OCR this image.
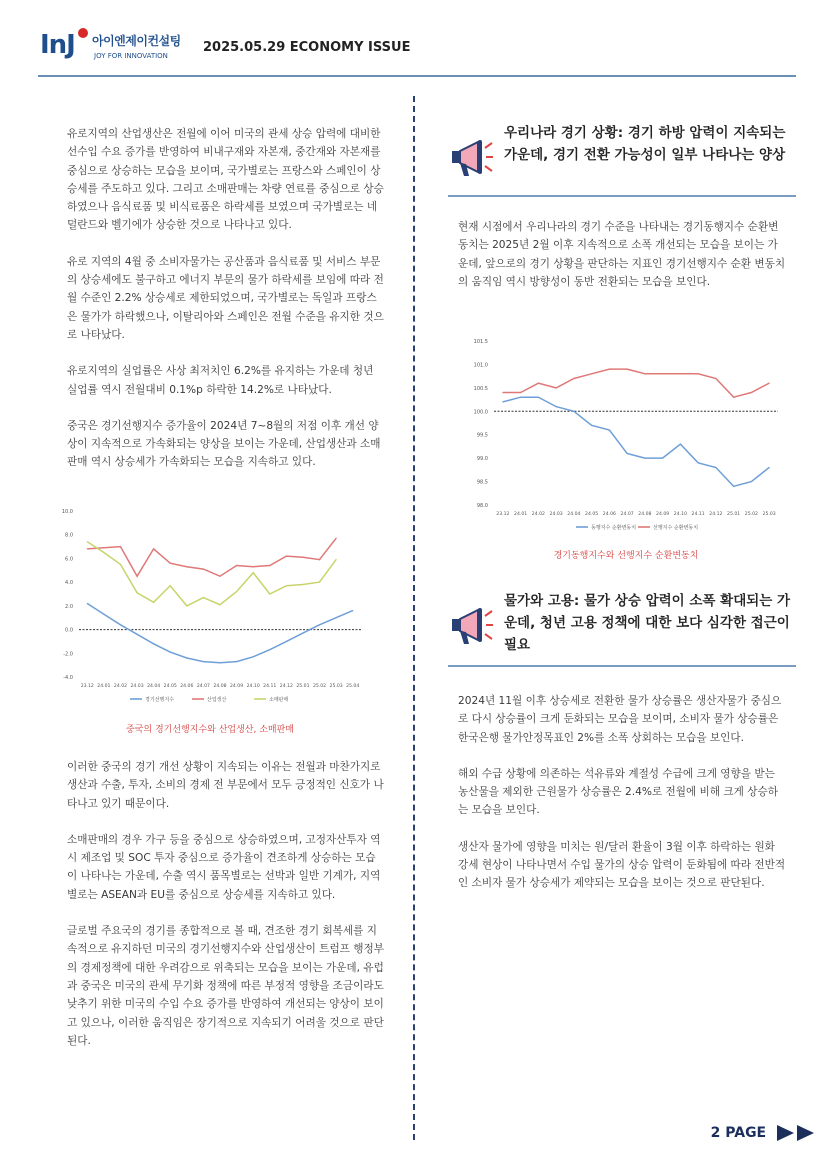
InJ 아이엔제이컨설팅
JOY FOR INNOVATION
2025.05.29 ECONOMY ISSUE

유로지역의 산업생산은 전월에 이어 미국의 관세 상승 압력에 대비한 선수입 수요 증가를 반영하여 비내구재와 자본재, 중간재와 자본재를 중심으로 상승하는 모습을 보이며, 국가별로는 프랑스와 스페인이 상승세를 주도하고 있다. 그리고 소매판매는 차량 연료를 중심으로 상승하였으나 음식료품 및 비식료품은 하락세를 보였으며 국가별로는 네덜란드와 벨기에가 상승한 것으로 나타나고 있다.

유로 지역의 4월 중 소비자물가는 공산품과 음식료품 및 서비스 부문의 상승세에도 불구하고 에너지 부문의 물가 하락세를 보임에 따라 전월 수준인 2.2% 상승세로 제한되었으며, 국가별로는 독일과 프랑스은 물가가 하락했으나, 이탈리아와 스페인은 전월 수준을 유지한 것으로 나타났다.

유로지역의 실업률은 사상 최저치인 6.2%를 유지하는 가운데 청년 실업률 역시 전월대비 0.1%p 하락한 14.2%로 나타났다.

중국은 경기선행지수 증가율이 2024년 7~8월의 저점 이후 개선 양상이 지속적으로 가속화되는 양상을 보이는 가운데, 산업생산과 소매판매 역시 상승세가 가속화되는 모습을 지속하고 있다.

-4.0
-2.0
0.0
2.0
4.0
6.0
8.0
10.0
23.12 24.01 24.02 24.03 24.04 24.05 24.06 24.07 24.08 24.09 24.10 24.11 24.12 25.01 25.02 25.03 25.04
경기선행지수	산업생산	소매판매
중국의 경기선행지수와 산업생산, 소매판매

이러한 중국의 경기 개선 상황이 지속되는 이유는 전월과 마찬가지로 생산과 수출, 투자, 소비의 경제 전 부문에서 모두 긍정적인 신호가 나타나고 있기 때문이다.

소매판매의 경우 가구 등을 중심으로 상승하였으며, 고정자산투자 역시 제조업 및 SOC 투자 중심으로 증가율이 견조하게 상승하는 모습이 나타나는 가운데, 수출 역시 품목별로는 선박과 일반 기계가, 지역 별로는 ASEAN과 EU를 중심으로 상승세를 지속하고 있다.

글로벌 주요국의 경기를 종합적으로 볼 때, 견조한 경기 회복세를 지속적으로 유지하던 미국의 경기선행지수와 산업생산이 트럼프 행정부의 경제정책에 대한 우려감으로 위축되는 모습을 보이는 가운데, 유럽과 중국은 미국의 관세 무기화 정책에 따른 부정적 영향을 조금이라도 낮추기 위한 미국의 수입 수요 증가를 반영하여 개선되는 양상이 보이고 있으나, 이러한 움직임은 장기적으로 지속되기 어려울 것으로 판단된다.

우리나라 경기 상황: 경기 하방 압력이 지속되는 가운데, 경기 전환 가능성이 일부 나타나는 양상

현재 시점에서 우리나라의 경기 수준을 나타내는 경기동행지수 순환변동치는 2025년 2월 이후 지속적으로 소폭 개선되는 모습을 보이는 가운데, 앞으로의 경기 상황을 판단하는 지표인 경기선행지수 순환 변동치의 움직임 역시 방향성이 동반 전환되는 모습을 보인다.

98.0
98.5
99.0
99.5
100.0
100.5
101.0
101.5
23.12 24.01 24.02 24.03 24.04 24.05 24.06 24.07 24.08 24.09 24.10 24.11 24.12 25.01 25.02 25.03
동행지수 순환변동치	선행지수 순환변동치
경기동행지수와 선행지수 순환변동치
물가와 고용: 물가 상승 압력이 소폭 확대되는 가운데, 청년 고용 정책에 대한 보다 심각한 접근이 필요

2024년 11월 이후 상승세로 전환한 물가 상승률은 생산자물가 중심으로 다시 상승률이 크게 둔화되는 모습을 보이며, 소비자 물가 상승률은 한국은행 물가안정목표인 2%를 소폭 상회하는 모습을 보인다.

해외 수급 상황에 의존하는 석유류와 계절성 수급에 크게 영향을 받는 농산물을 제외한 근원물가 상승률은 2.4%로 전월에 비해 크게 상승하는 모습을 보인다.

생산자 물가에 영향을 미치는 원/달러 환율이 3월 이후 하락하는 원화 강세 현상이 나타나면서 수입 물가의 상승 압력이 둔화됨에 따라 전반적인 소비자 물가 상승세가 제약되는 모습을 보이는 것으로 판단된다.

2 PAGE
